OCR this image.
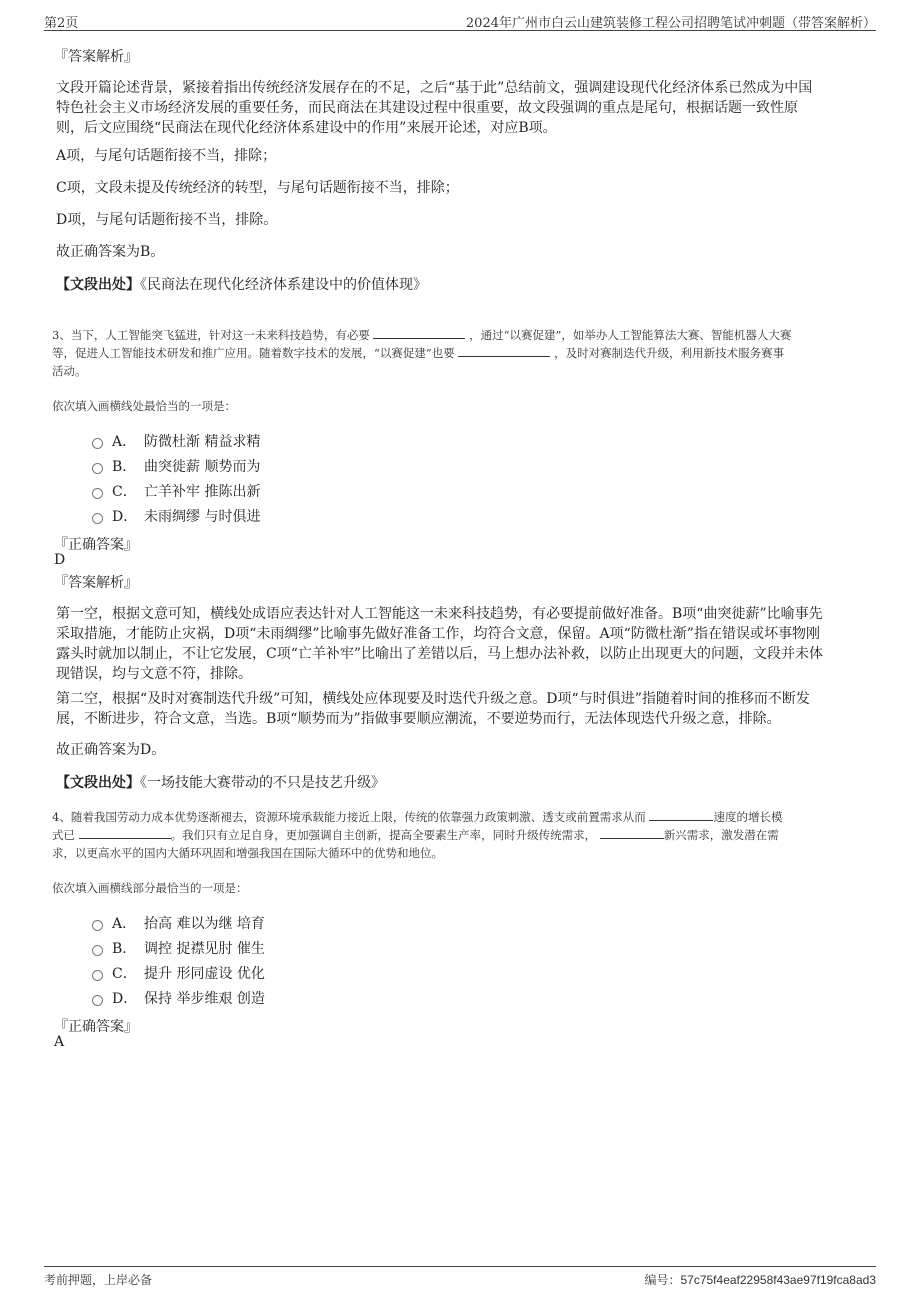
第2页	2024年广州市白云山建筑装修工程公司招聘笔试冲刺题（带答案解析）
『答案解析』
文段开篇论述背景，紧接着指出传统经济发展存在的不足，之后“基于此”总结前文，强调建设现代化经济体系已然成为中国
特色社会主义市场经济发展的重要任务，而民商法在其建设过程中很重要，故文段强调的重点是尾句，根据话题一致性原
则，后文应围绕“民商法在现代化经济体系建设中的作用”来展开论述，对应B项。
A项，与尾句话题衔接不当，排除；
C项，文段未提及传统经济的转型，与尾句话题衔接不当，排除；
D项，与尾句话题衔接不当，排除。
故正确答案为B。
【文段出处】《民商法在现代化经济体系建设中的价值体现》
3、当下，人工智能突飞猛进，针对这一未来科技趋势，有必要	，通过“以赛促建”，如举办人工智能算法大赛、智能机器人大赛
等，促进人工智能技术研发和推广应用。随着数字技术的发展，“以赛促建”也要	，及时对赛制迭代升级，利用新技术服务赛事
活动。
依次填入画横线处最恰当的一项是：
A． 防微杜渐 精益求精
B． 曲突徙薪 顺势而为
C． 亡羊补牢 推陈出新
D． 未雨绸缪 与时俱进
『正确答案』
D
『答案解析』
第一空，根据文意可知，横线处成语应表达针对人工智能这一未来科技趋势，有必要提前做好准备。B项“曲突徙薪”比喻事先
采取措施，才能防止灾祸，D项“未雨绸缪”比喻事先做好准备工作，均符合文意，保留。A项“防微杜渐”指在错误或坏事物刚
露头时就加以制止，不让它发展，C项“亡羊补牢”比喻出了差错以后，马上想办法补救，以防止出现更大的问题，文段并未体
现错误，均与文意不符，排除。
第二空，根据“及时对赛制迭代升级”可知，横线处应体现要及时迭代升级之意。D项“与时俱进”指随着时间的推移而不断发
展，不断进步，符合文意，当选。B项“顺势而为”指做事要顺应潮流，不要逆势而行，无法体现迭代升级之意，排除。
故正确答案为D。
【文段出处】《一场技能大赛带动的不只是技艺升级》
4、随着我国劳动力成本优势逐渐褪去，资源环境承载能力接近上限，传统的依靠强力政策刺激、透支或前置需求从而	速度的增长模
式已	。我们只有立足自身，更加强调自主创新，提高全要素生产率，同时升级传统需求，	新兴需求，激发潜在需
求，以更高水平的国内大循环巩固和增强我国在国际大循环中的优势和地位。
依次填入画横线部分最恰当的一项是：
A． 抬高 难以为继 培育
B． 调控 捉襟见肘 催生
C． 提升 形同虚设 优化
D． 保持 举步维艰 创造
『正确答案』
A
考前押题，上岸必备	编号：57c75f4eaf22958f43ae97f19fca8ad3
